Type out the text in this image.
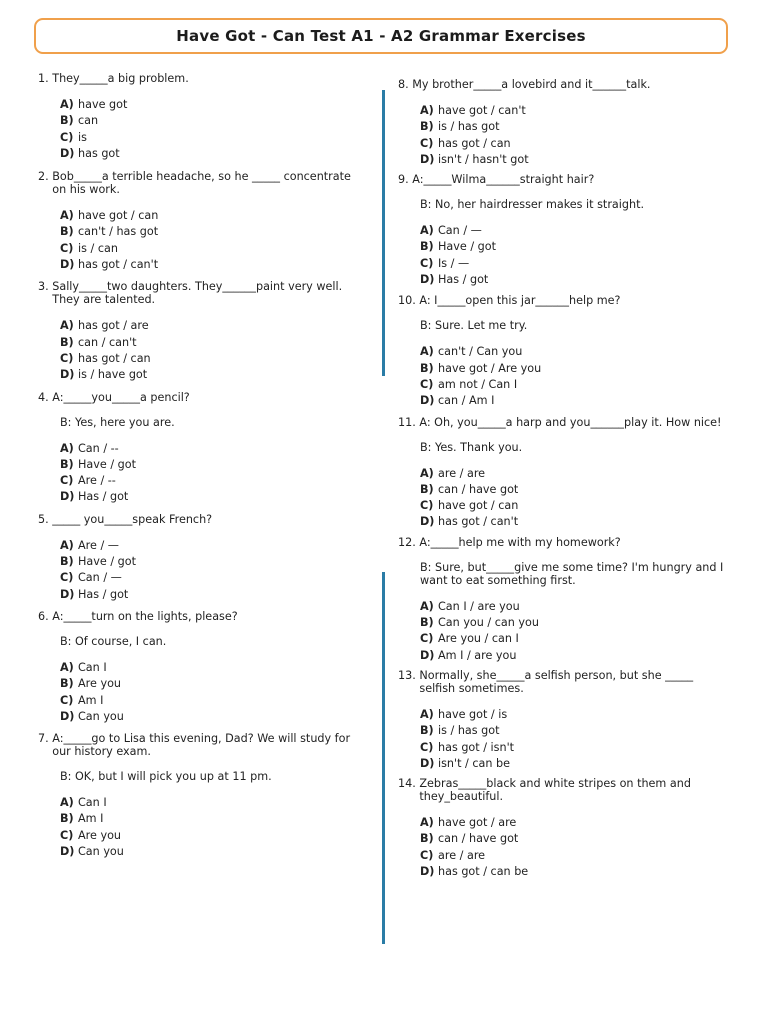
Have Got - Can Test A1 - A2 Grammar Exercises
1. They_____a big problem.
A) have got
B) can
C) is
D) has got
2. Bob_____a terrible headache, so he _____ concentrate on his work.
A) have got / can
B) can't / has got
C) is / can
D) has got / can't
3. Sally_____two daughters. They______paint very well. They are talented.
A) has got / are
B) can / can't
C) has got / can
D) is / have got
4. A:_____you_____a pencil?
B: Yes, here you are.
A) Can / --
B) Have / got
C) Are / --
D) Has / got
5. _____ you_____speak French?
A) Are / —
B) Have / got
C) Can / —
D) Has / got
6. A:_____turn on the lights, please?
B: Of course, I can.
A) Can I
B) Are you
C) Am I
D) Can you
7. A:_____go to Lisa this evening, Dad? We will study for our history exam.
B: OK, but I will pick you up at 11 pm.
A) Can I
B) Am I
C) Are you
D) Can you
8. My brother_____a lovebird and it______talk.
A) have got / can't
B) is / has got
C) has got / can
D) isn't / hasn't got
9. A:_____Wilma______straight hair?
B: No, her hairdresser makes it straight.
A) Can / —
B) Have / got
C) Is / —
D) Has / got
10. A: I_____open this jar______help me?
B: Sure. Let me try.
A) can't / Can you
B) have got / Are you
C) am not / Can I
D) can / Am I
11. A: Oh, you_____a harp and you______play it. How nice!
B: Yes. Thank you.
A) are / are
B) can / have got
C) have got / can
D) has got / can't
12. A:_____help me with my homework?
B: Sure, but_____give me some time? I'm hungry and I want to eat something first.
A) Can I / are you
B) Can you / can you
C) Are you / can I
D) Am I / are you
13. Normally, she_____a selfish person, but she _____ selfish sometimes.
A) have got / is
B) is / has got
C) has got / isn't
D) isn't / can be
14. Zebras_____black and white stripes on them and they_beautiful.
A) have got / are
B) can / have got
C) are / are
D) has got / can be
